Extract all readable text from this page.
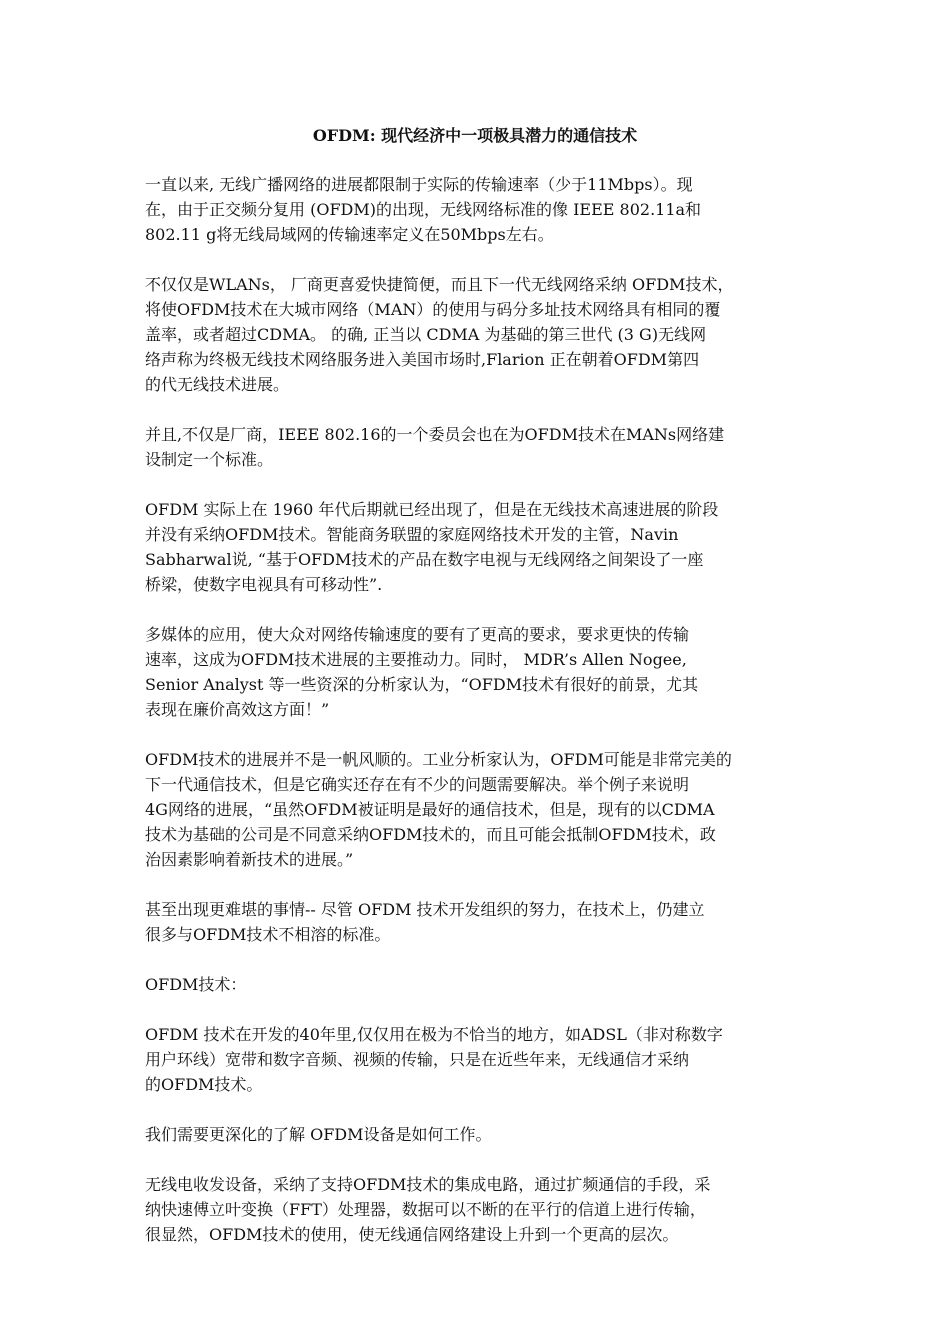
OFDM: 现代经济中一项极具潜力的通信技术

一直以来, 无线广播网络的进展都限制于实际的传输速率（少于11Mbps）。现
在，由于正交频分复用 (OFDM)的出现，无线网络标准的像 IEEE 802.11a和
802.11 g将无线局域网的传输速率定义在50Mbps左右。

不仅仅是WLANs， 厂商更喜爱快捷简便，而且下一代无线网络采纳 OFDM技术，
将使OFDM技术在大城市网络（MAN）的使用与码分多址技术网络具有相同的覆
盖率，或者超过CDMA。 的确, 正当以 CDMA 为基础的第三世代 (3 G)无线网
络声称为终极无线技术网络服务进入美国市场时,Flarion 正在朝着OFDM第四
的代无线技术进展。

并且,不仅是厂商，IEEE 802.16的一个委员会也在为OFDM技术在MANs网络建
设制定一个标准。

OFDM 实际上在 1960 年代后期就已经出现了，但是在无线技术高速进展的阶段
并没有采纳OFDM技术。智能商务联盟的家庭网络技术开发的主管，Navin
Sabharwal说, “基于OFDM技术的产品在数字电视与无线网络之间架设了一座
桥梁，使数字电视具有可移动性”.

多媒体的应用，使大众对网络传输速度的要有了更高的要求，要求更快的传输
速率，这成为OFDM技术进展的主要推动力。同时， MDR’s Allen Nogee,
Senior Analyst 等一些资深的分析家认为，“OFDM技术有很好的前景，尤其
表现在廉价高效这方面！”

OFDM技术的进展并不是一帆风顺的。工业分析家认为，OFDM可能是非常完美的
下一代通信技术，但是它确实还存在有不少的问题需要解决。举个例子来说明
4G网络的进展，“虽然OFDM被证明是最好的通信技术，但是，现有的以CDMA
技术为基础的公司是不同意采纳OFDM技术的，而且可能会抵制OFDM技术，政
治因素影响着新技术的进展。”

甚至出现更难堪的事情-- 尽管 OFDM 技术开发组织的努力，在技术上，仍建立
很多与OFDM技术不相溶的标准。

OFDM技术：

OFDM 技术在开发的40年里,仅仅用在极为不恰当的地方，如ADSL（非对称数字
用户环线）宽带和数字音频、视频的传输，只是在近些年来，无线通信才采纳
的OFDM技术。

我们需要更深化的了解 OFDM设备是如何工作。

无线电收发设备，采纳了支持OFDM技术的集成电路，通过扩频通信的手段，采
纳快速傅立叶变换（FFT）处理器，数据可以不断的在平行的信道上进行传输，
很显然，OFDM技术的使用，使无线通信网络建设上升到一个更高的层次。
